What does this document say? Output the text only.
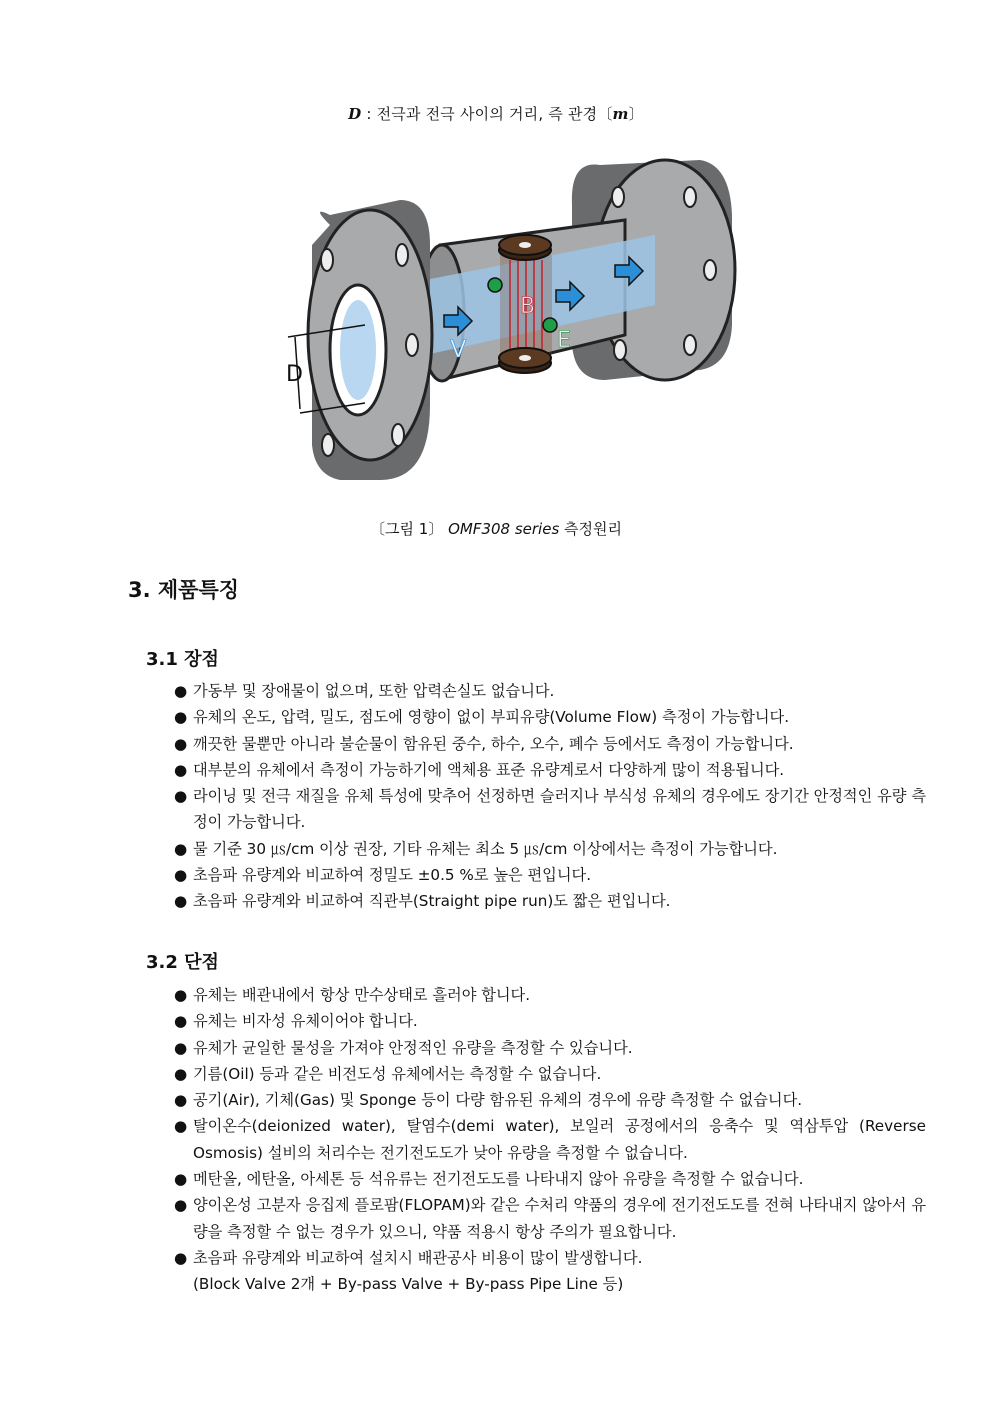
D : 전극과 전극 사이의 거리, 즉 관경〔m〕
D
V
B
E
〔그림 1〕 OMF308 series 측정원리
3. 제품특징
3.1 장점
● 가동부 및 장애물이 없으며, 또한 압력손실도 없습니다.
● 유체의 온도, 압력, 밀도, 점도에 영향이 없이 부피유량(Volume Flow) 측정이 가능합니다.
● 깨끗한 물뿐만 아니라 불순물이 함유된 중수, 하수, 오수, 폐수 등에서도 측정이 가능합니다.
● 대부분의 유체에서 측정이 가능하기에 액체용 표준 유량계로서 다양하게 많이 적용됩니다.
● 라이닝 및 전극 재질을 유체 특성에 맞추어 선정하면 슬러지나 부식성 유체의 경우에도 장기간 안정적인 유량 측정이 가능합니다.
● 물 기준 30 ㎲/cm 이상 권장, 기타 유체는 최소 5 ㎲/cm 이상에서는 측정이 가능합니다.
● 초음파 유량계와 비교하여 정밀도 ±0.5 %로 높은 편입니다.
● 초음파 유량계와 비교하여 직관부(Straight pipe run)도 짧은 편입니다.
3.2 단점
● 유체는 배관내에서 항상 만수상태로 흘러야 합니다.
● 유체는 비자성 유체이어야 합니다.
● 유체가 균일한 물성을 가져야 안정적인 유량을 측정할 수 있습니다.
● 기름(Oil) 등과 같은 비전도성 유체에서는 측정할 수 없습니다.
● 공기(Air), 기체(Gas) 및 Sponge 등이 다량 함유된 유체의 경우에 유량 측정할 수 없습니다.
● 탈이온수(deionized water), 탈염수(demi water), 보일러 공정에서의 응축수 및 역삼투압 (Reverse Osmosis) 설비의 처리수는 전기전도도가 낮아 유량을 측정할 수 없습니다.
● 메탄올, 에탄올, 아세톤 등 석유류는 전기전도도를 나타내지 않아 유량을 측정할 수 없습니다.
● 양이온성 고분자 응집제 플로팜(FLOPAM)와 같은 수처리 약품의 경우에 전기전도도를 전혀 나타내지 않아서 유량을 측정할 수 없는 경우가 있으니, 약품 적용시 항상 주의가 필요합니다.
● 초음파 유량계와 비교하여 설치시 배관공사 비용이 많이 발생합니다.
(Block Valve 2개 + By-pass Valve + By-pass Pipe Line 등)
